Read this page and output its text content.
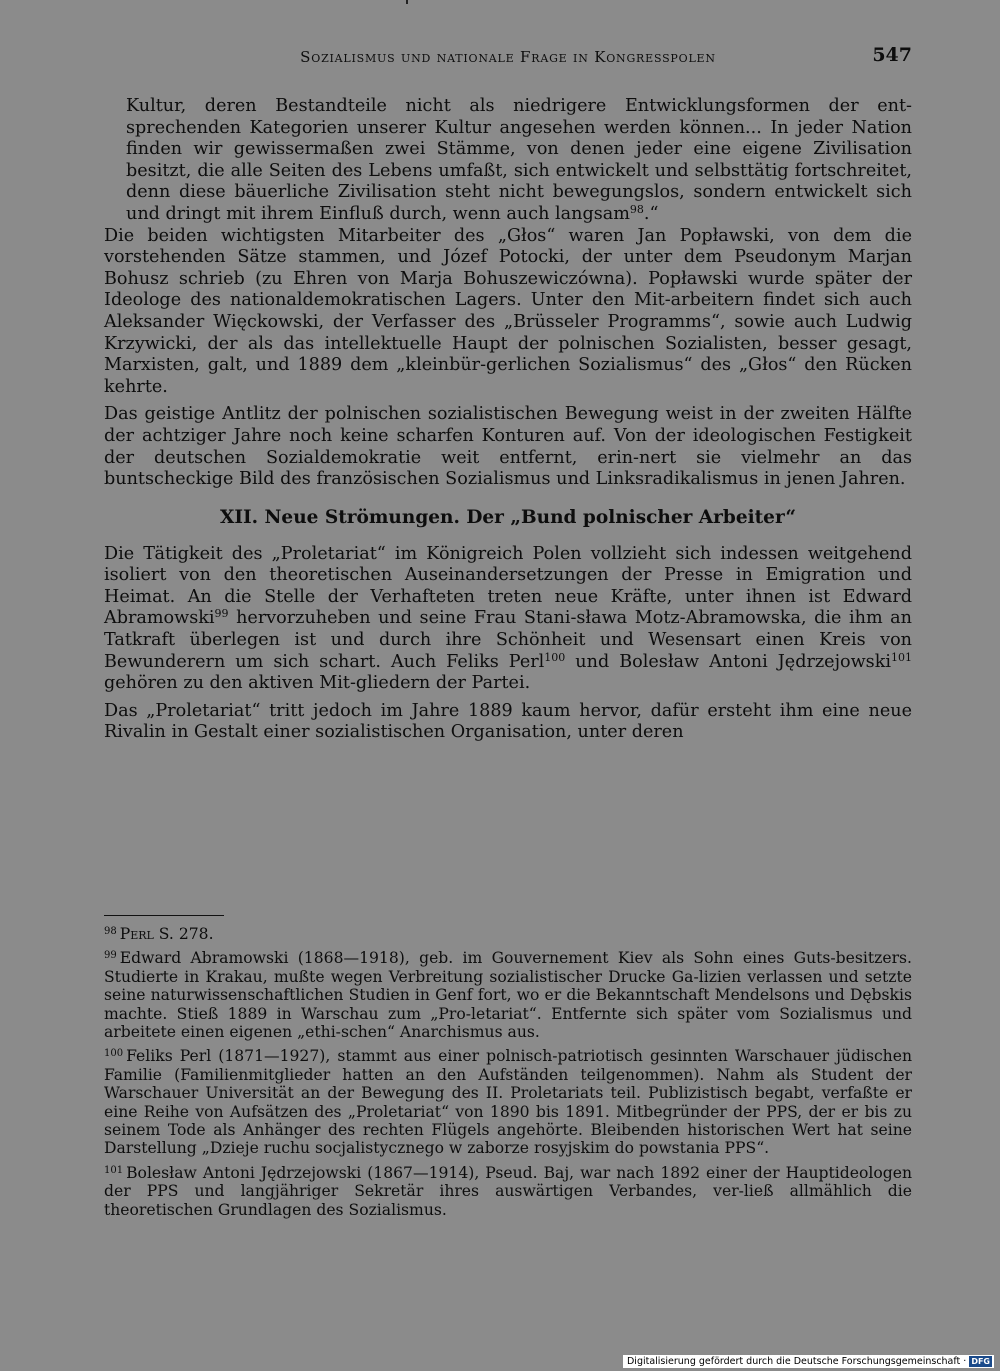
Sozialismus und nationale Frage in Kongresspolen	547

Kultur, deren Bestandteile nicht als niedrigere Entwicklungsformen der ent-sprechenden Kategorien unserer Kultur angesehen werden können... In jeder Nation finden wir gewissermaßen zwei Stämme, von denen jeder eine eigene Zivilisation besitzt, die alle Seiten des Lebens umfaßt, sich entwickelt und selbsttätig fortschreitet, denn diese bäuerliche Zivilisation steht nicht bewegungslos, sondern entwickelt sich und dringt mit ihrem Einfluß durch, wenn auch langsam$^{98}$.“

Die beiden wichtigsten Mitarbeiter des „Głos“ waren Jan Popławski, von dem die vorstehenden Sätze stammen, und Józef Potocki, der unter dem Pseudonym Marjan Bohusz schrieb (zu Ehren von Marja Bohuszewiczówna). Popławski wurde später der Ideologe des nationaldemokratischen Lagers. Unter den Mit-arbeitern findet sich auch Aleksander Więckowski, der Verfasser des „Brüsseler Programms“, sowie auch Ludwig Krzywicki, der als das intellektuelle Haupt der polnischen Sozialisten, besser gesagt, Marxisten, galt, und 1889 dem „kleinbür-gerlichen Sozialismus“ des „Głos“ den Rücken kehrte.

Das geistige Antlitz der polnischen sozialistischen Bewegung weist in der zweiten Hälfte der achtziger Jahre noch keine scharfen Konturen auf. Von der ideologischen Festigkeit der deutschen Sozialdemokratie weit entfernt, erin-nert sie vielmehr an das buntscheckige Bild des französischen Sozialismus und Linksradikalismus in jenen Jahren.

XII. Neue Strömungen. Der „Bund polnischer Arbeiter“

Die Tätigkeit des „Proletariat“ im Königreich Polen vollzieht sich indessen weitgehend isoliert von den theoretischen Auseinandersetzungen der Presse in Emigration und Heimat. An die Stelle der Verhafteten treten neue Kräfte, unter ihnen ist Edward Abramowski$^{99}$ hervorzuheben und seine Frau Stani-sława Motz-Abramowska, die ihm an Tatkraft überlegen ist und durch ihre Schönheit und Wesensart einen Kreis von Bewunderern um sich schart. Auch Feliks Perl$^{100}$ und Bolesław Antoni Jędrzejowski$^{101}$ gehören zu den aktiven Mit-gliedern der Partei.

Das „Proletariat“ tritt jedoch im Jahre 1889 kaum hervor, dafür ersteht ihm eine neue Rivalin in Gestalt einer sozialistischen Organisation, unter deren

$^{98}$ Perl S. 278.

$^{99}$ Edward Abramowski (1868—1918), geb. im Gouvernement Kiev als Sohn eines Guts-besitzers. Studierte in Krakau, mußte wegen Verbreitung sozialistischer Drucke Ga-lizien verlassen und setzte seine naturwissenschaftlichen Studien in Genf fort, wo er die Bekanntschaft Mendelsons und Dębskis machte. Stieß 1889 in Warschau zum „Pro-letariat“. Entfernte sich später vom Sozialismus und arbeitete einen eigenen „ethi-schen“ Anarchismus aus.

$^{100}$ Feliks Perl (1871—1927), stammt aus einer polnisch-patriotisch gesinnten Warschauer jüdischen Familie (Familienmitglieder hatten an den Aufständen teilgenommen). Nahm als Student der Warschauer Universität an der Bewegung des II. Proletariats teil. Publizistisch begabt, verfaßte er eine Reihe von Aufsätzen des „Proletariat“ von 1890 bis 1891. Mitbegründer der PPS, der er bis zu seinem Tode als Anhänger des rechten Flügels angehörte. Bleibenden historischen Wert hat seine Darstellung „Dzieje ruchu socjalistycznego w zaborze rosyjskim do powstania PPS“.

$^{101}$ Bolesław Antoni Jędrzejowski (1867—1914), Pseud. Baj, war nach 1892 einer der Hauptideologen der PPS und langjähriger Sekretär ihres auswärtigen Verbandes, ver-ließ allmählich die theoretischen Grundlagen des Sozialismus.

Digitalisierung gefördert durch die Deutsche Forschungsgemeinschaft · DFG
